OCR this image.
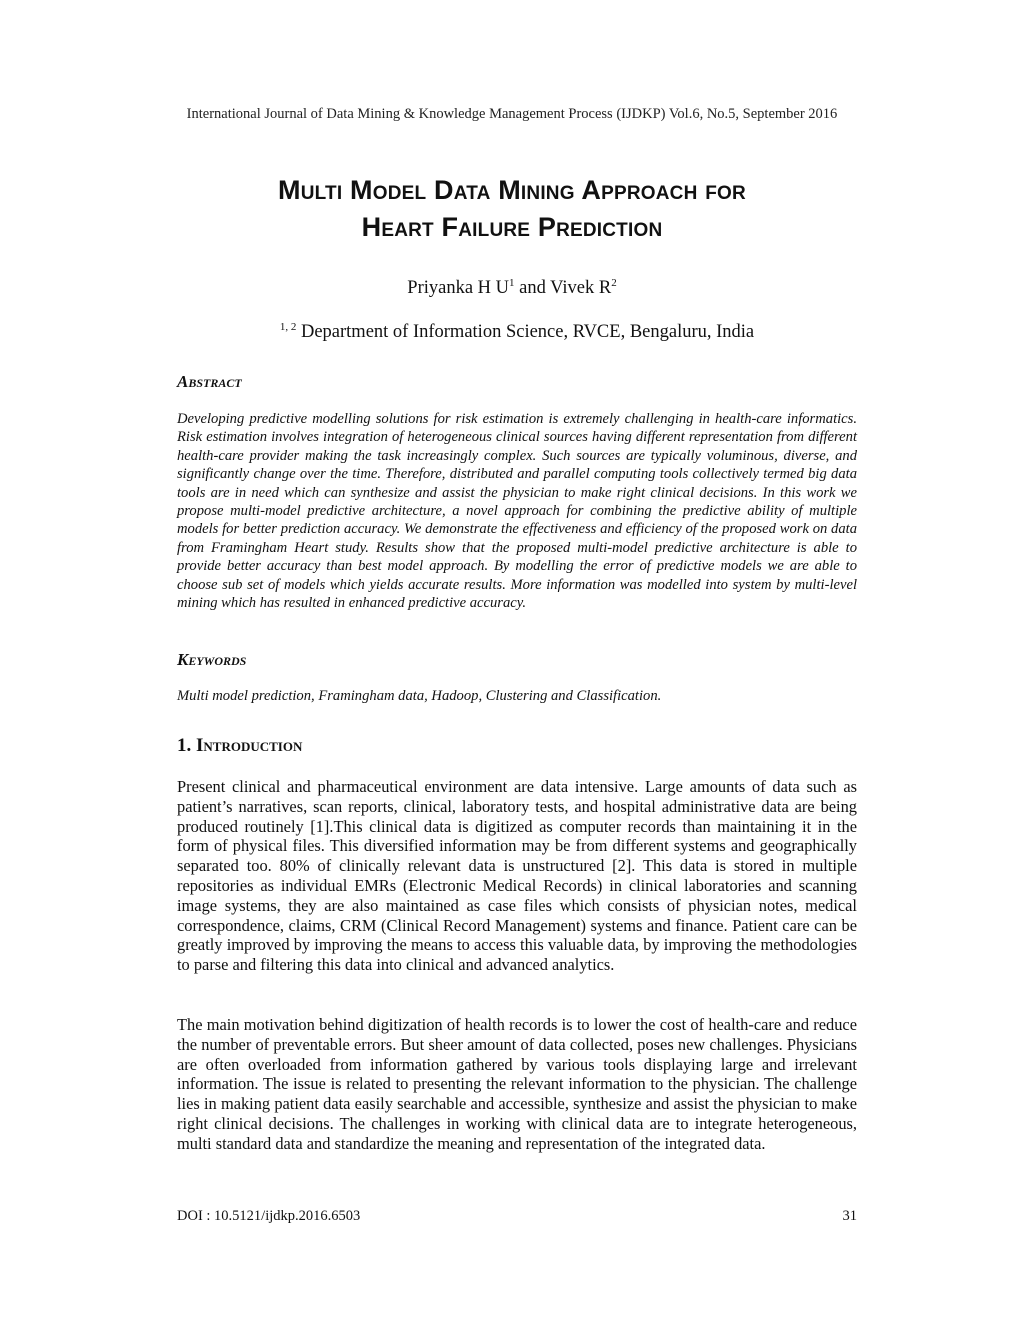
International Journal of Data Mining & Knowledge Management Process (IJDKP) Vol.6, No.5, September 2016
Multi Model Data Mining Approach for
Heart Failure Prediction
Priyanka H $U^1$ and Vivek $R^2$
$^{1, 2}$ Department of Information Science, RVCE, Bengaluru, India
Abstract
Developing predictive modelling solutions for risk estimation is extremely challenging in health-care informatics. Risk estimation involves integration of heterogeneous clinical sources having different representation from different health-care provider making the task increasingly complex. Such sources are typically voluminous, diverse, and significantly change over the time. Therefore, distributed and parallel computing tools collectively termed big data tools are in need which can synthesize and assist the physician to make right clinical decisions. In this work we propose multi-model predictive architecture, a novel approach for combining the predictive ability of multiple models for better prediction accuracy. We demonstrate the effectiveness and efficiency of the proposed work on data from Framingham Heart study. Results show that the proposed multi-model predictive architecture is able to provide better accuracy than best model approach. By modelling the error of predictive models we are able to choose sub set of models which yields accurate results. More information was modelled into system by multi-level mining which has resulted in enhanced predictive accuracy.
Keywords
Multi model prediction, Framingham data, Hadoop, Clustering and Classification.
1. Introduction
Present clinical and pharmaceutical environment are data intensive. Large amounts of data such as patient’s narratives, scan reports, clinical, laboratory tests, and hospital administrative data are being produced routinely [1].This clinical data is digitized as computer records than maintaining it in the form of physical files. This diversified information may be from different systems and geographically separated too. 80% of clinically relevant data is unstructured [2]. This data is stored in multiple repositories as individual EMRs (Electronic Medical Records) in clinical laboratories and scanning image systems, they are also maintained as case files which consists of physician notes, medical correspondence, claims, CRM (Clinical Record Management) systems and finance. Patient care can be greatly improved by improving the means to access this valuable data, by improving the methodologies to parse and filtering this data into clinical and advanced analytics.
The main motivation behind digitization of health records is to lower the cost of health-care and reduce the number of preventable errors. But sheer amount of data collected, poses new challenges. Physicians are often overloaded from information gathered by various tools displaying large and irrelevant information. The issue is related to presenting the relevant information to the physician. The challenge lies in making patient data easily searchable and accessible, synthesize and assist the physician to make right clinical decisions. The challenges in working with clinical data are to integrate heterogeneous, multi standard data and standardize the meaning and representation of the integrated data.
DOI : 10.5121/ijdkp.2016.6503	31
